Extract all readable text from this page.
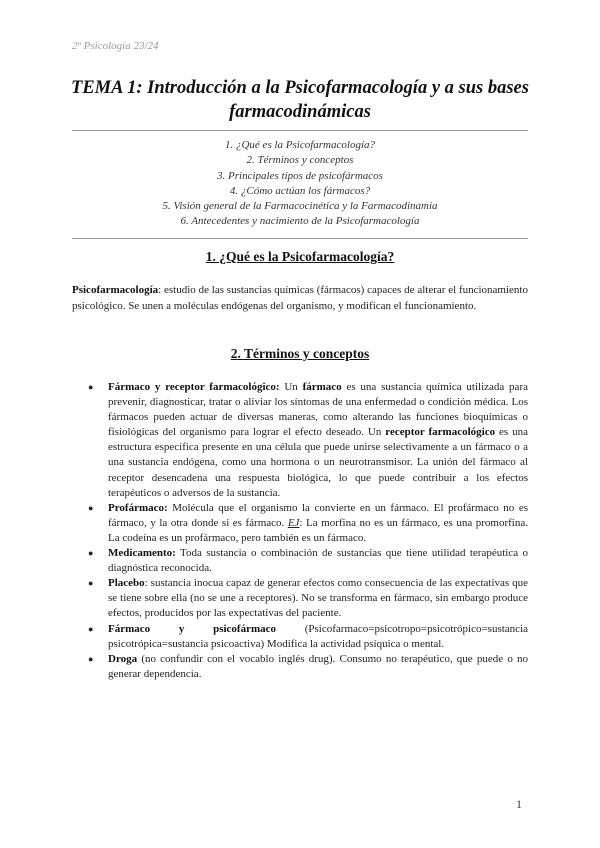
2º Psicología 23/24
TEMA 1: Introducción a la Psicofarmacología y a sus bases farmacodinámicas
1. ¿Qué es la Psicofarmacología?
2. Términos y conceptos
3. Principales tipos de psicofármacos
4. ¿Cómo actúan los fármacos?
5. Visión general de la Farmacocinética y la Farmacodinamia
6. Antecedentes y nacimiento de la Psicofarmacología
1. ¿Qué es la Psicofarmacología?
Psicofarmacología: estudio de las sustancias químicas (fármacos) capaces de alterar el funcionamiento psicológico. Se unen a moléculas endógenas del organismo, y modifican el funcionamiento.
2. Términos y conceptos
● Fármaco y receptor farmacológico: Un fármaco es una sustancia química utilizada para prevenir, diagnosticar, tratar o aliviar los síntomas de una enfermedad o condición médica. Los fármacos pueden actuar de diversas maneras, como alterando las funciones bioquímicas o fisiológicas del organismo para lograr el efecto deseado. Un receptor farmacológico es una estructura específica presente en una célula que puede unirse selectivamente a un fármaco o a una sustancia endógena, como una hormona o un neurotransmisor. La unión del fármaco al receptor desencadena una respuesta biológica, lo que puede contribuir a los efectos terapéuticos o adversos de la sustancia.
● Profármaco: Molécula que el organismo la convierte en un fármaco. El profármaco no es fármaco, y la otra donde si es fármaco. EJ: La morfina no es un fármaco, es una promorfina. La codeína es un profármaco, pero también es un fármaco.
● Medicamento: Toda sustancia o combinación de sustancias que tiene utilidad terapéutica o diagnóstica reconocida.
● Placebo: sustancia inocua capaz de generar efectos como consecuencia de las expectativas que se tiene sobre ella (no se une a receptores). No se transforma en fármaco, sin embargo produce efectos, producidos por las expectativas del paciente.
● Fármaco y psicofármaco (Psicofarmaco=psicotropo=psicotrópico=sustancia psicotrópica=sustancia psicoactiva) Modifica la actividad psíquica o mental.
● Droga (no confundir con el vocablo inglés drug). Consumo no terapéutico, que puede o no generar dependencia.
1
